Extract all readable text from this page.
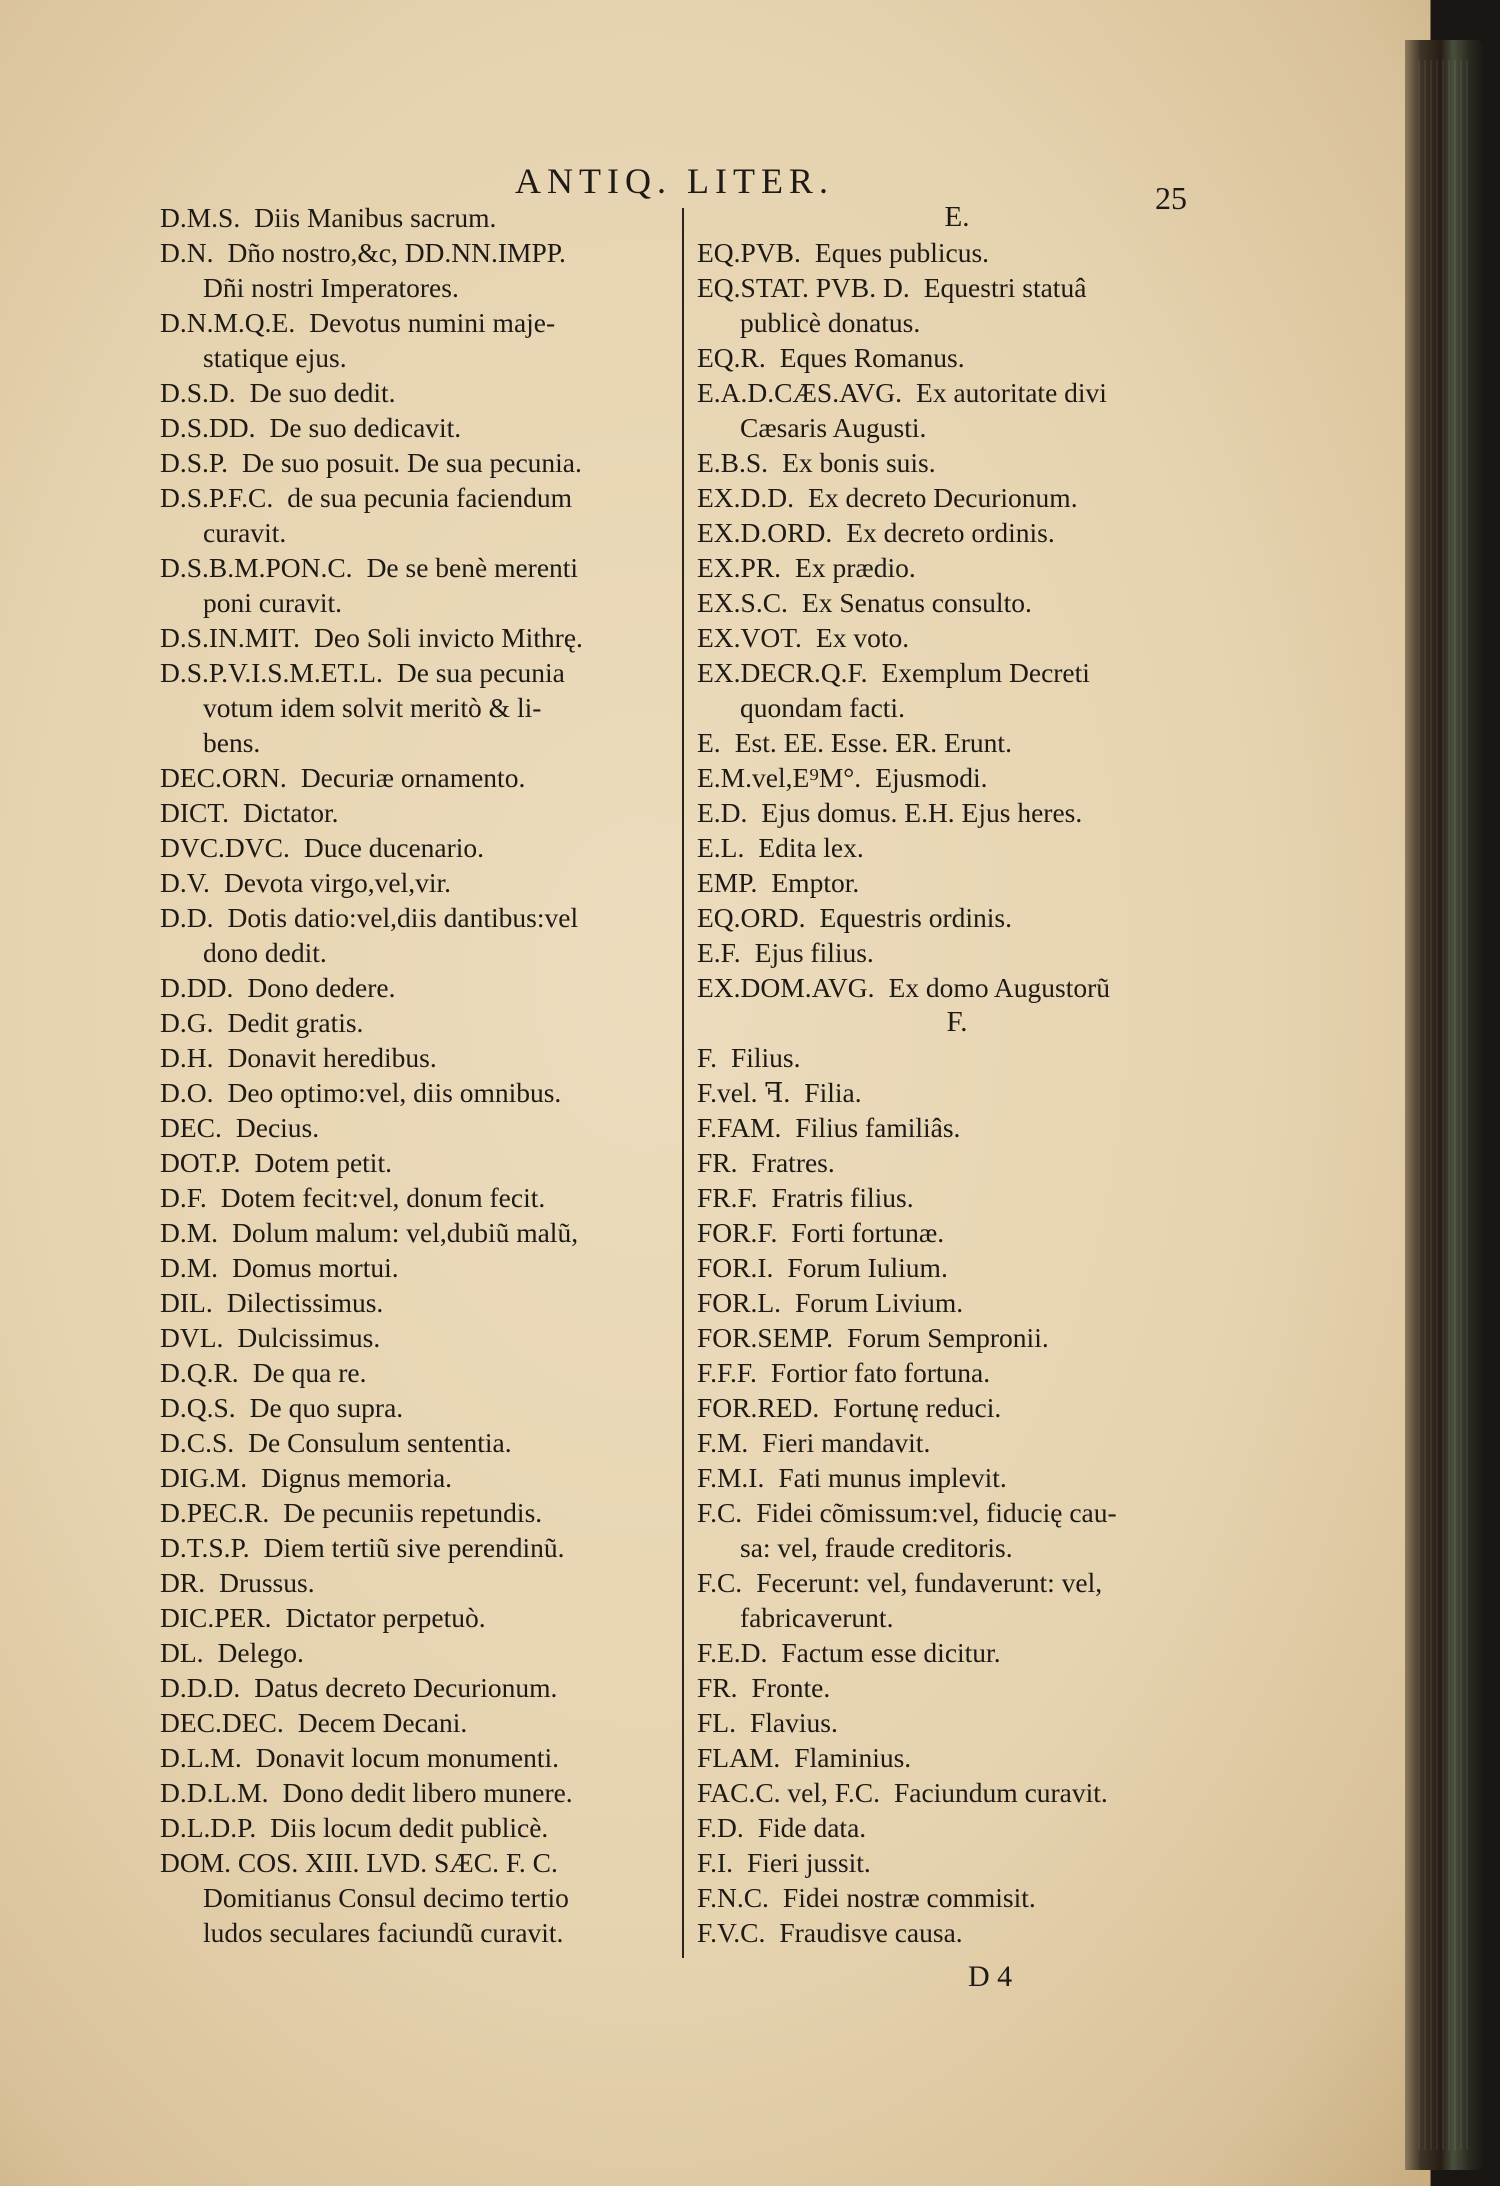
ANTIQ. LITER.	25
D.M.S. Diis Manibus sacrum.
D.N. Dño nostro,&c, DD.NN.IMPP.
Dñi nostri Imperatores.
D.N.M.Q.E. Devotus numini maje-
statique ejus.
D.S.D. De suo dedit.
D.S.DD. De suo dedicavit.
D.S.P. De suo posuit. De sua pecunia.
D.S.P.F.C. de sua pecunia faciendum
curavit.
D.S.B.M.PON.C. De se benè merenti
poni curavit.
D.S.IN.MIT. Deo Soli invicto Mithrę.
D.S.P.V.I.S.M.ET.L. De sua pecunia
votum idem solvit meritò & li-
bens.
DEC.ORN. Decuriæ ornamento.
DICT. Dictator.
DVC.DVC. Duce ducenario.
D.V. Devota virgo,vel,vir.
D.D. Dotis datio:vel,diis dantibus:vel
dono dedit.
D.DD. Dono dedere.
D.G. Dedit gratis.
D.H. Donavit heredibus.
D.O. Deo optimo:vel, diis omnibus.
DEC. Decius.
DOT.P. Dotem petit.
D.F. Dotem fecit:vel, donum fecit.
D.M. Dolum malum: vel,dubiũ malũ,
D.M. Domus mortui.
DIL. Dilectissimus.
DVL. Dulcissimus.
D.Q.R. De qua re.
D.Q.S. De quo supra.
D.C.S. De Consulum sententia.
DIG.M. Dignus memoria.
D.PEC.R. De pecuniis repetundis.
D.T.S.P. Diem tertiũ sive perendinũ.
DR. Drussus.
DIC.PER. Dictator perpetuò.
DL. Delego.
D.D.D. Datus decreto Decurionum.
DEC.DEC. Decem Decani.
D.L.M. Donavit locum monumenti.
D.D.L.M. Dono dedit libero munere.
D.L.D.P. Diis locum dedit publicè.
DOM. COS. XIII. LVD. SÆC. F. C.
Domitianus Consul decimo tertio
ludos seculares faciundũ curavit.
E.
EQ.PVB. Eques publicus.
EQ.STAT. PVB. D. Equestri statuâ
publicè donatus.
EQ.R. Eques Romanus.
E.A.D.CÆS.AVG. Ex autoritate divi
Cæsaris Augusti.
E.B.S. Ex bonis suis.
EX.D.D. Ex decreto Decurionum.
EX.D.ORD. Ex decreto ordinis.
EX.PR. Ex prædio.
EX.S.C. Ex Senatus consulto.
EX.VOT. Ex voto.
EX.DECR.Q.F. Exemplum Decreti
quondam facti.
E. Est. EE. Esse. ER. Erunt.
E.M.vel,E⁹M°. Ejusmodi.
E.D. Ejus domus. E.H. Ejus heres.
E.L. Edita lex.
EMP. Emptor.
EQ.ORD. Equestris ordinis.
E.F. Ejus filius.
EX.DOM.AVG. Ex domo Augustorũ
F.
F. Filius.
F.vel. ꟻ. Filia.
F.FAM. Filius familiâs.
FR. Fratres.
FR.F. Fratris filius.
FOR.F. Forti fortunæ.
FOR.I. Forum Iulium.
FOR.L. Forum Livium.
FOR.SEMP. Forum Sempronii.
F.F.F. Fortior fato fortuna.
FOR.RED. Fortunę reduci.
F.M. Fieri mandavit.
F.M.I. Fati munus implevit.
F.C. Fidei cõmissum:vel, fiducię cau-
sa: vel, fraude creditoris.
F.C. Fecerunt: vel, fundaverunt: vel,
fabricaverunt.
F.E.D. Factum esse dicitur.
FR. Fronte.
FL. Flavius.
FLAM. Flaminius.
FAC.C. vel, F.C. Faciundum curavit.
F.D. Fide data.
F.I. Fieri jussit.
F.N.C. Fidei nostræ commisit.
F.V.C. Fraudisve causa.
D 4
